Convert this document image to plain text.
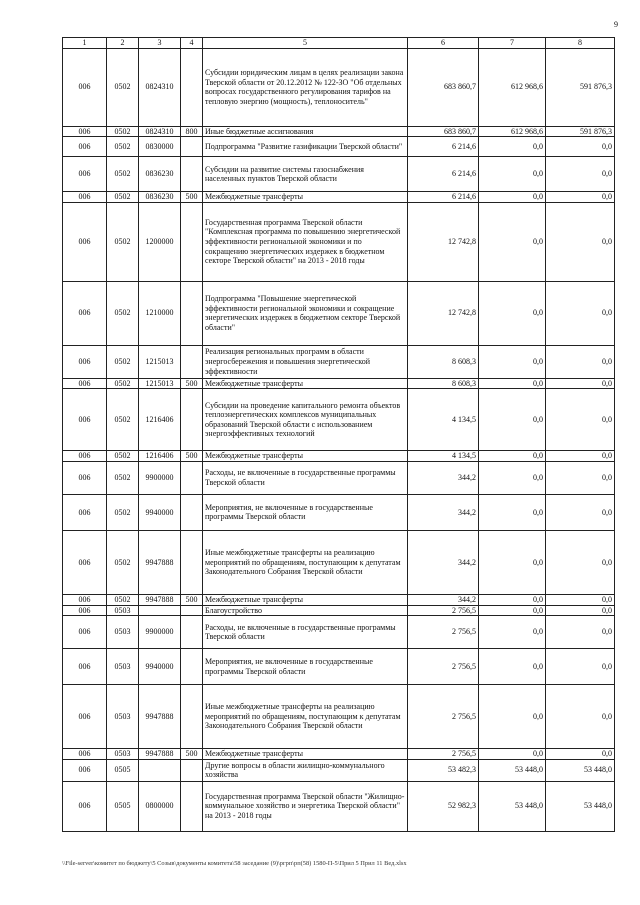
9
1	2	3	4	5	6	7	8
006	0502	0824310		Субсидии юридическим лицам в целях реализации закона Тверской области от 20.12.2012 № 122-ЗО "Об отдельных вопросах государственного регулирования тарифов на тепловую энергию (мощность), теплоноситель"	683 860,7	612 968,6	591 876,3
006	0502	0824310	800	Иные бюджетные ассигнования	683 860,7	612 968,6	591 876,3
006	0502	0830000		Подпрограмма "Развитие газификации Тверской области"	6 214,6	0,0	0,0
006	0502	0836230		Субсидии на развитие системы газоснабжения населенных пунктов Тверской области	6 214,6	0,0	0,0
006	0502	0836230	500	Межбюджетные трансферты	6 214,6	0,0	0,0
006	0502	1200000		Государственная программа Тверской области "Комплексная программа по повышению энергетической эффективности региональной экономики и по сокращению энергетических издержек в бюджетном секторе Тверской области" на 2013 - 2018 годы	12 742,8	0,0	0,0
006	0502	1210000		Подпрограмма "Повышение энергетической эффективности региональной экономики и сокращение энергетических издержек в бюджетном секторе Тверской области"	12 742,8	0,0	0,0
006	0502	1215013		Реализация региональных программ в области энергосбережения и повышения энергетической эффективности	8 608,3	0,0	0,0
006	0502	1215013	500	Межбюджетные трансферты	8 608,3	0,0	0,0
006	0502	1216406		Субсидии на проведение капитального ремонта объектов теплоэнергетических комплексов муниципальных образований Тверской области с использованием энергоэффективных технологий	4 134,5	0,0	0,0
006	0502	1216406	500	Межбюджетные трансферты	4 134,5	0,0	0,0
006	0502	9900000		Расходы, не включенные в государственные программы Тверской области	344,2	0,0	0,0
006	0502	9940000		Мероприятия, не включенные в государственные программы Тверской области	344,2	0,0	0,0
006	0502	9947888		Иные межбюджетные трансферты на реализацию мероприятий по обращениям, поступающим к депутатам Законодательного Собрания Тверской области	344,2	0,0	0,0
006	0502	9947888	500	Межбюджетные трансферты	344,2	0,0	0,0
006	0503			Благоустройство	2 756,5	0,0	0,0
006	0503	9900000		Расходы, не включенные в государственные программы Тверской области	2 756,5	0,0	0,0
006	0503	9940000		Мероприятия, не включенные в государственные программы Тверской области	2 756,5	0,0	0,0
006	0503	9947888		Иные межбюджетные трансферты на реализацию мероприятий по обращениям, поступающим к депутатам Законодательного Собрания Тверской области	2 756,5	0,0	0,0
006	0503	9947888	500	Межбюджетные трансферты	2 756,5	0,0	0,0
006	0505			Другие вопросы в области жилищно-коммунального хозяйства	53 482,3	53 448,0	53 448,0
006	0505	0800000		Государственная программа Тверской области "Жилищно-коммунальное хозяйство и энергетика Тверской области" на 2013 - 2018 годы	52 982,3	53 448,0	53 448,0
\\File-server\комитет по бюджету\5 Созыв\документы комитета\58 заседание (9)\ргрп\рп(58) 1580-П-5\Прил 5 Прил 11 Вед.xlsx
